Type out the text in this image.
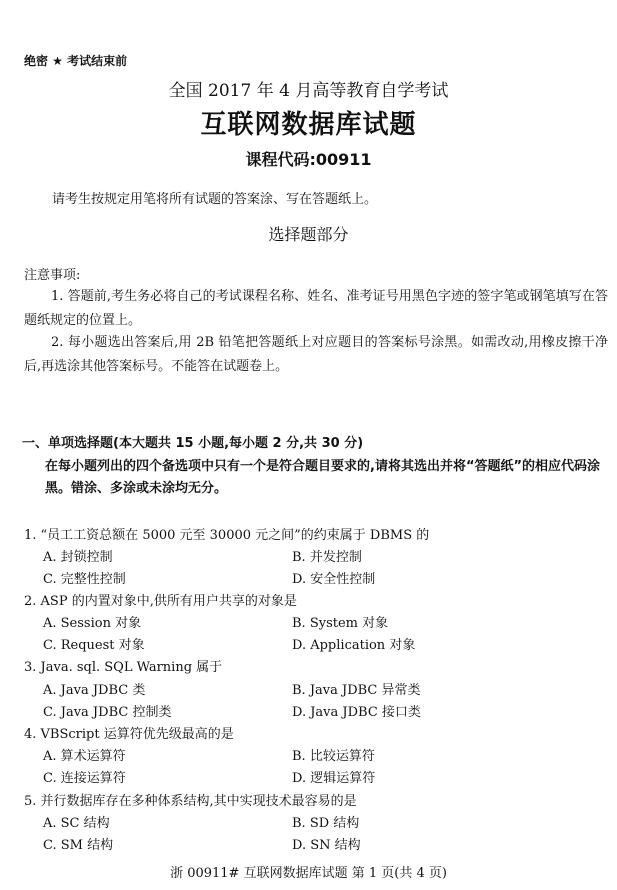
绝密 ★ 考试结束前
全国 2017 年 4 月高等教育自学考试
互联网数据库试题
课程代码:00911
请考生按规定用笔将所有试题的答案涂、写在答题纸上。
选择题部分
注意事项:
1. 答题前,考生务必将自己的考试课程名称、姓名、准考证号用黑色字迹的签字笔或钢笔填写在答题纸规定的位置上。
2. 每小题选出答案后,用 2B 铅笔把答题纸上对应题目的答案标号涂黑。如需改动,用橡皮擦干净后,再选涂其他答案标号。不能答在试题卷上。
一、单项选择题(本大题共 15 小题,每小题 2 分,共 30 分)
在每小题列出的四个备选项中只有一个是符合题目要求的,请将其选出并将“答题纸”的相应代码涂黑。错涂、多涂或未涂均无分。
1. “员工工资总额在 5000 元至 30000 元之间”的约束属于 DBMS 的
A. 封锁控制	B. 并发控制
C. 完整性控制	D. 安全性控制
2. ASP 的内置对象中,供所有用户共享的对象是
A. Session 对象	B. System 对象
C. Request 对象	D. Application 对象
3. Java. sql. SQL Warning 属于
A. Java JDBC 类	B. Java JDBC 异常类
C. Java JDBC 控制类	D. Java JDBC 接口类
4. VBScript 运算符优先级最高的是
A. 算术运算符	B. 比较运算符
C. 连接运算符	D. 逻辑运算符
5. 并行数据库存在多种体系结构,其中实现技术最容易的是
A. SC 结构	B. SD 结构
C. SM 结构	D. SN 结构
浙 00911# 互联网数据库试题 第 1 页(共 4 页)
